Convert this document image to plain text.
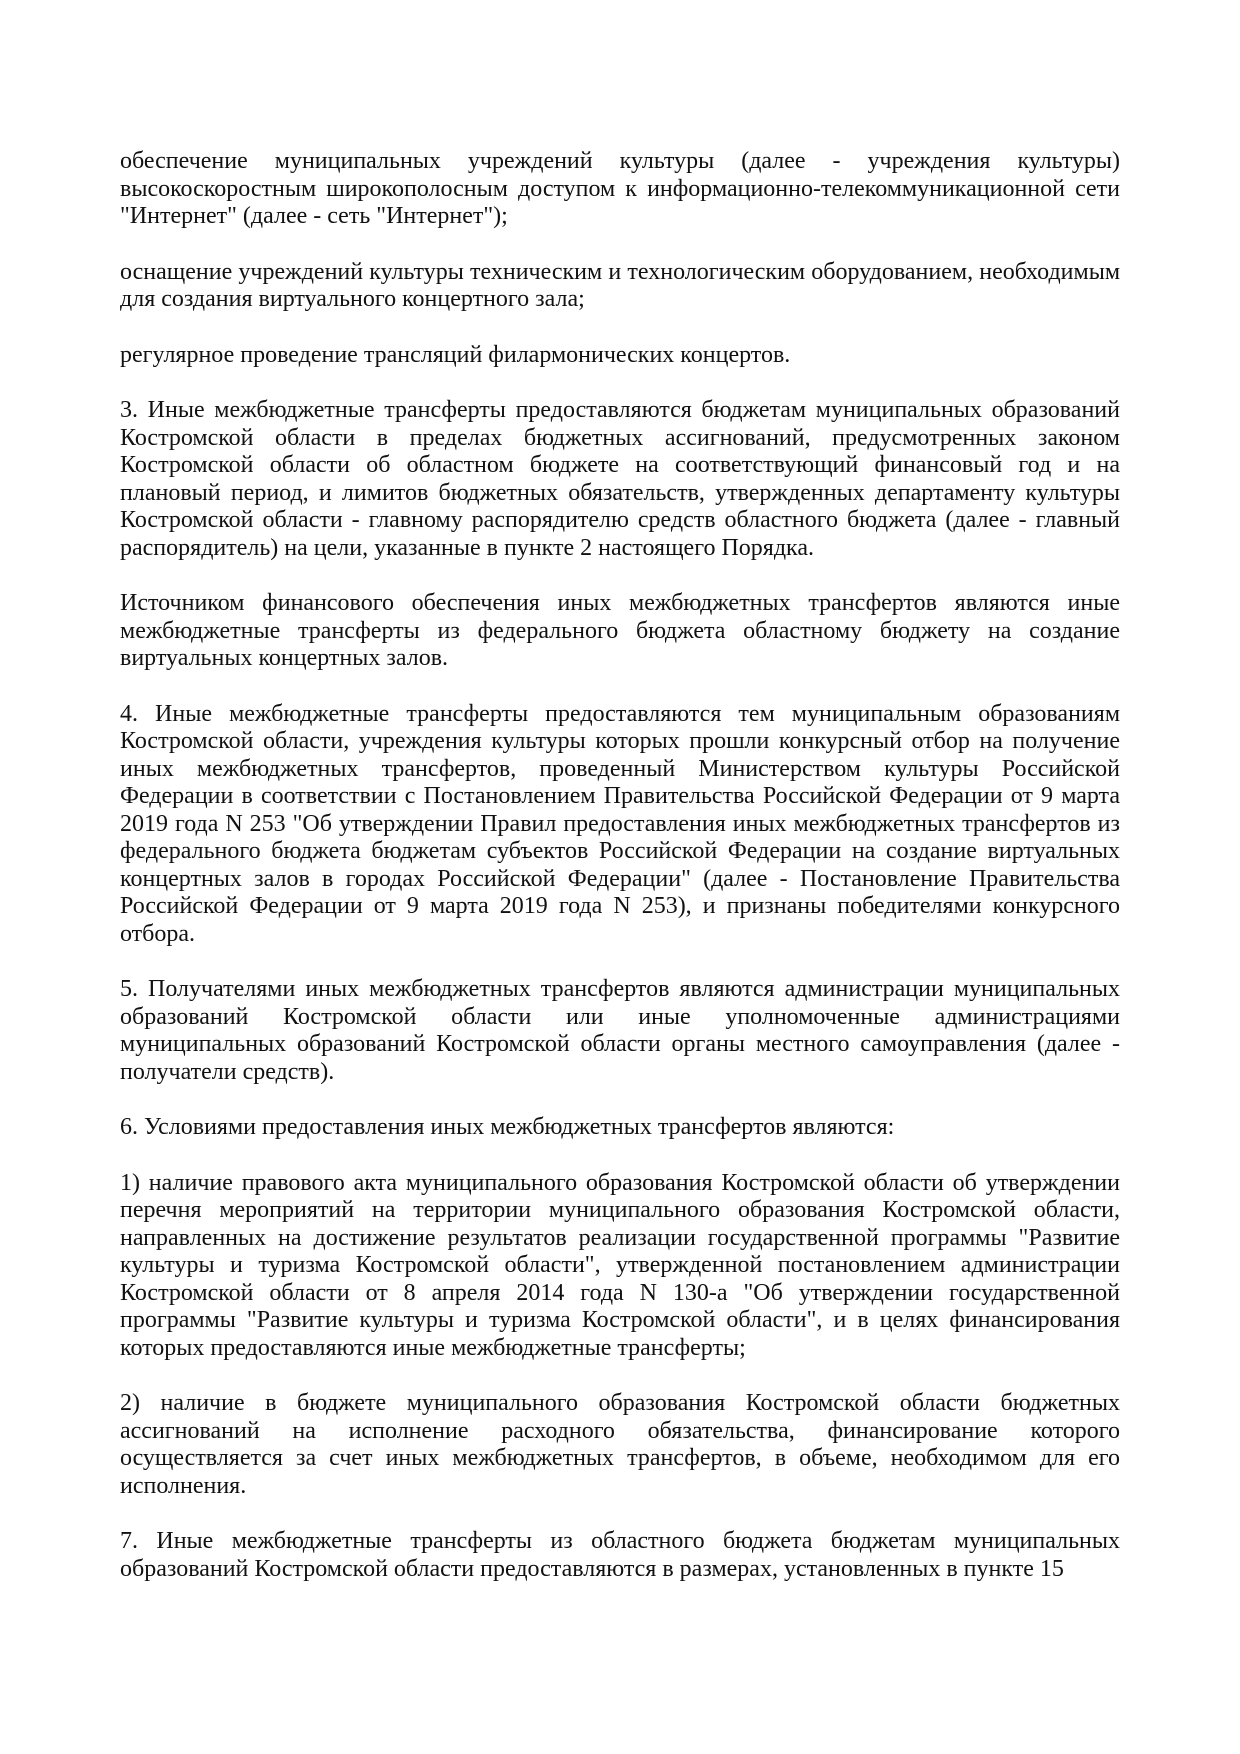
обеспечение муниципальных учреждений культуры (далее - учреждения культуры) высокоскоростным широкополосным доступом к информационно-телекоммуникационной сети "Интернет" (далее - сеть "Интернет");

оснащение учреждений культуры техническим и технологическим оборудованием, необходимым для создания виртуального концертного зала;

регулярное проведение трансляций филармонических концертов.

3. Иные межбюджетные трансферты предоставляются бюджетам муниципальных образований Костромской области в пределах бюджетных ассигнований, предусмотренных законом Костромской области об областном бюджете на соответствующий финансовый год и на плановый период, и лимитов бюджетных обязательств, утвержденных департаменту культуры Костромской области - главному распорядителю средств областного бюджета (далее - главный распорядитель) на цели, указанные в пункте 2 настоящего Порядка.

Источником финансового обеспечения иных межбюджетных трансфертов являются иные межбюджетные трансферты из федерального бюджета областному бюджету на создание виртуальных концертных залов.

4. Иные межбюджетные трансферты предоставляются тем муниципальным образованиям Костромской области, учреждения культуры которых прошли конкурсный отбор на получение иных межбюджетных трансфертов, проведенный Министерством культуры Российской Федерации в соответствии с Постановлением Правительства Российской Федерации от 9 марта 2019 года N 253 "Об утверждении Правил предоставления иных межбюджетных трансфертов из федерального бюджета бюджетам субъектов Российской Федерации на создание виртуальных концертных залов в городах Российской Федерации" (далее - Постановление Правительства Российской Федерации от 9 марта 2019 года N 253), и признаны победителями конкурсного отбора.

5. Получателями иных межбюджетных трансфертов являются администрации муниципальных образований Костромской области или иные уполномоченные администрациями муниципальных образований Костромской области органы местного самоуправления (далее - получатели средств).

6. Условиями предоставления иных межбюджетных трансфертов являются:

1) наличие правового акта муниципального образования Костромской области об утверждении перечня мероприятий на территории муниципального образования Костромской области, направленных на достижение результатов реализации государственной программы "Развитие культуры и туризма Костромской области", утвержденной постановлением администрации Костромской области от 8 апреля 2014 года N 130-а "Об утверждении государственной программы "Развитие культуры и туризма Костромской области", и в целях финансирования которых предоставляются иные межбюджетные трансферты;

2) наличие в бюджете муниципального образования Костромской области бюджетных ассигнований на исполнение расходного обязательства, финансирование которого осуществляется за счет иных межбюджетных трансфертов, в объеме, необходимом для его исполнения.

7. Иные межбюджетные трансферты из областного бюджета бюджетам муниципальных образований Костромской области предоставляются в размерах, установленных в пункте 15
